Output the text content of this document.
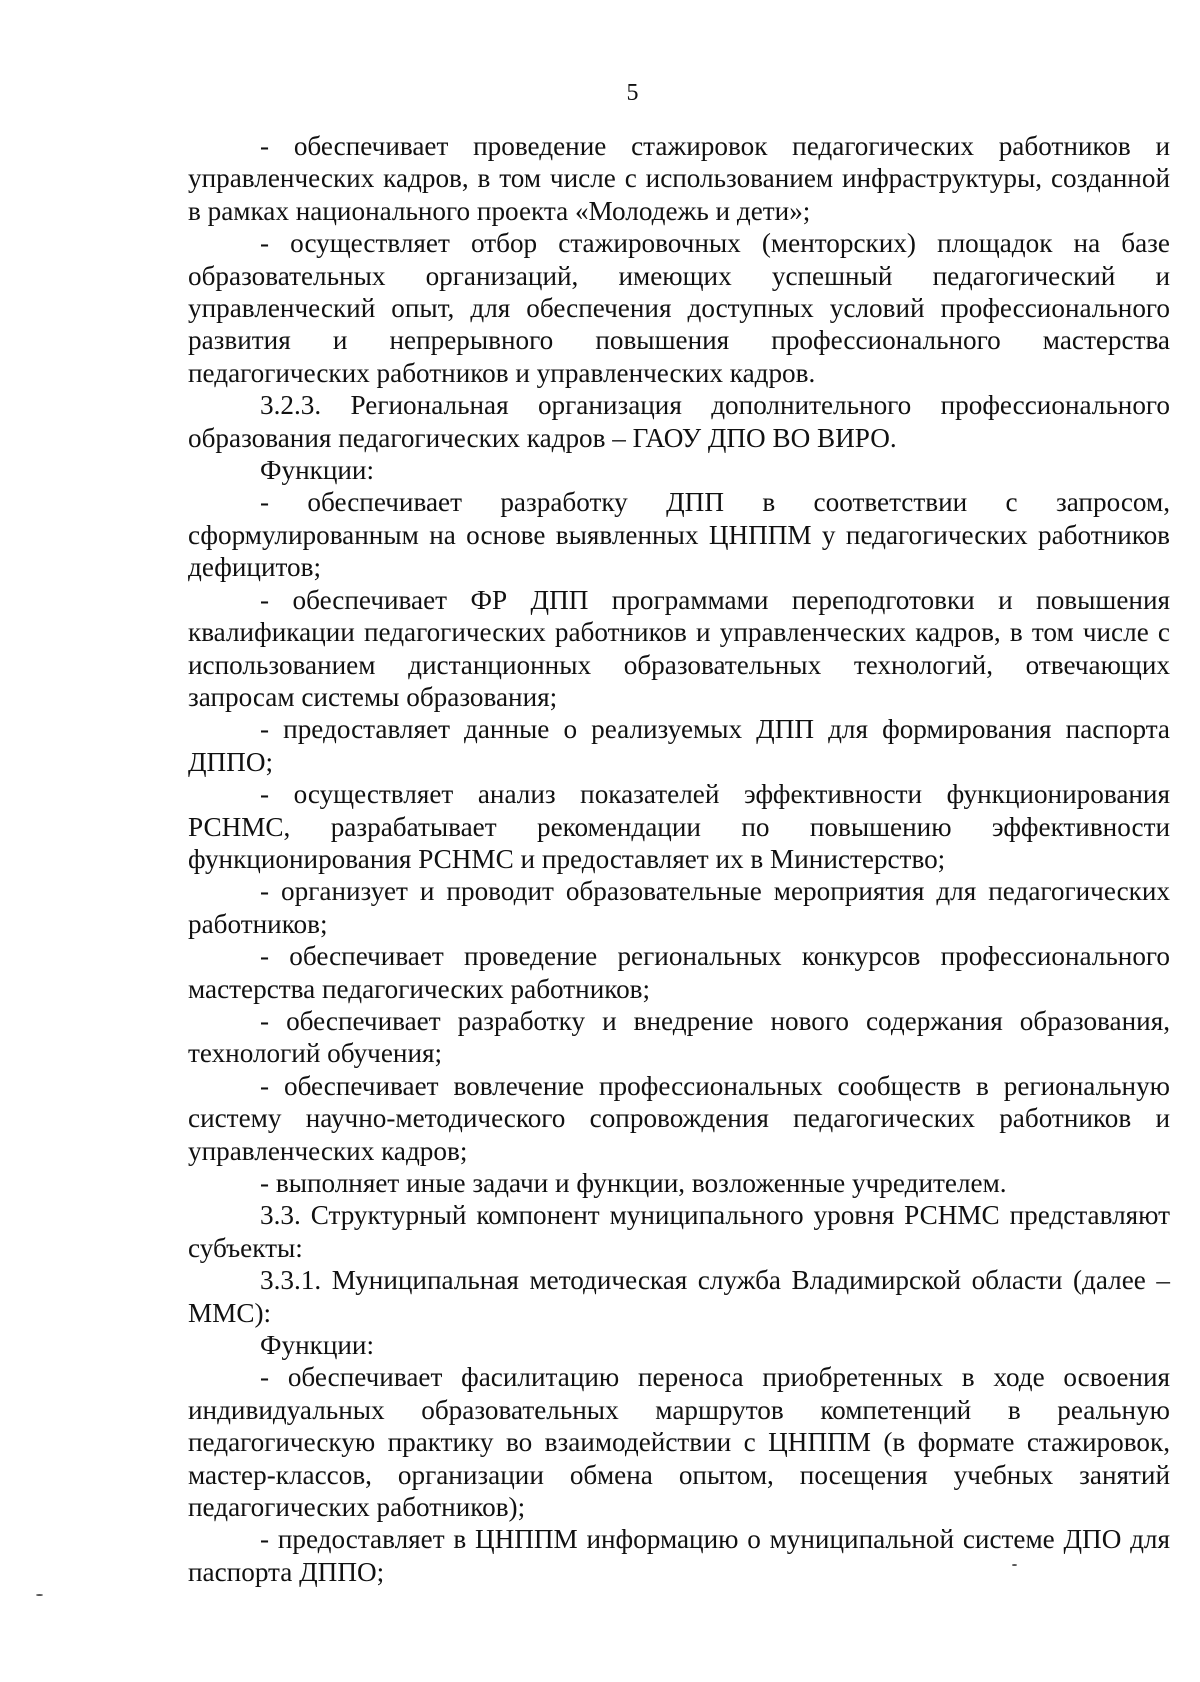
5

- обеспечивает проведение стажировок педагогических работников и управленческих кадров, в том числе с использованием инфраструктуры, созданной в рамках национального проекта «Молодежь и дети»;

- осуществляет отбор стажировочных (менторских) площадок на базе образовательных организаций, имеющих успешный педагогический и управленческий опыт, для обеспечения доступных условий профессионального развития и непрерывного повышения профессионального мастерства педагогических работников и управленческих кадров.

3.2.3. Региональная организация дополнительного профессионального образования педагогических кадров – ГАОУ ДПО ВО ВИРО.

Функции:

- обеспечивает разработку ДПП в соответствии с запросом, сформулированным на основе выявленных ЦНППМ у педагогических работников дефицитов;

- обеспечивает ФР ДПП программами переподготовки и повышения квалификации педагогических работников и управленческих кадров, в том числе с использованием дистанционных образовательных технологий, отвечающих запросам системы образования;

- предоставляет данные о реализуемых ДПП для формирования паспорта ДППО;

- осуществляет анализ показателей эффективности функционирования РСНМС, разрабатывает рекомендации по повышению эффективности функционирования РСНМС и предоставляет их в Министерство;

- организует и проводит образовательные мероприятия для педагогических работников;

- обеспечивает проведение региональных конкурсов профессионального мастерства педагогических работников;

- обеспечивает разработку и внедрение нового содержания образования, технологий обучения;

- обеспечивает вовлечение профессиональных сообществ в региональную систему научно-методического сопровождения педагогических работников и управленческих кадров;

- выполняет иные задачи и функции, возложенные учредителем.

3.3. Структурный компонент муниципального уровня РСНМС представляют субъекты:

3.3.1. Муниципальная методическая служба Владимирской области (далее – ММС):

Функции:

- обеспечивает фасилитацию переноса приобретенных в ходе освоения индивидуальных образовательных маршрутов компетенций в реальную педагогическую практику во взаимодействии с ЦНППМ (в формате стажировок, мастер-классов, организации обмена опытом, посещения учебных занятий педагогических работников);

- предоставляет в ЦНППМ информацию о муниципальной системе ДПО для паспорта ДППО;
